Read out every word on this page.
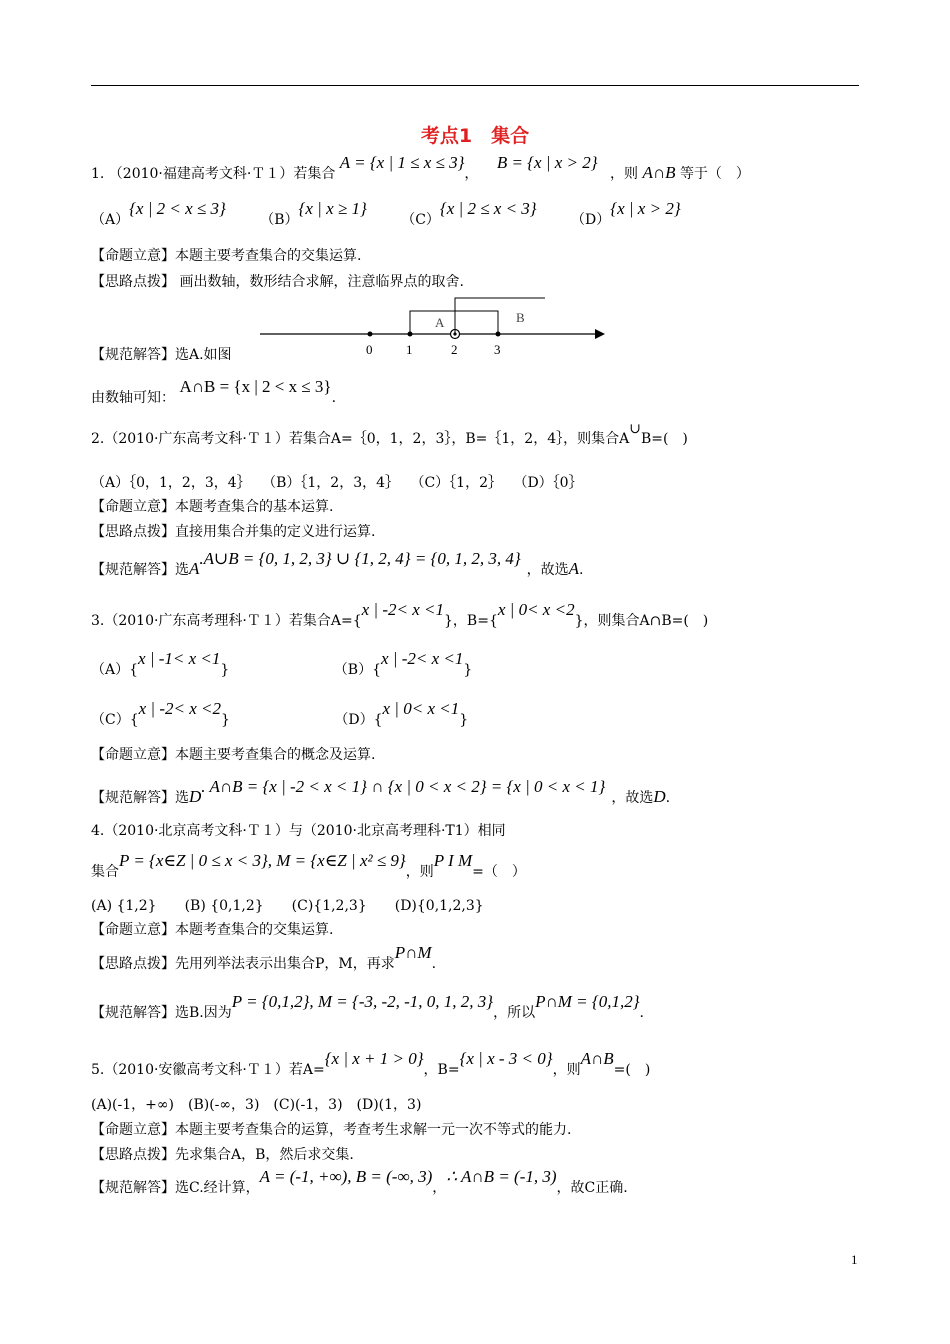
考点1　集合
1. （2010·福建高考文科·Ｔ１）若集合 A = {x | 1 ≤ x ≤ 3}， B = {x | x > 2} ，则 A∩B 等于（　）
（A）{x | 2 < x ≤ 3} （B）{x | x ≥ 1} （C）{x | 2 ≤ x < 3} （D）{x | x > 2}
【命题立意】本题主要考查集合的交集运算.
【思路点拨】 画出数轴，数形结合求解，注意临界点的取舍.
A	B
0	1	2	3
【规范解答】选A.如图
由数轴可知： A∩B = {x | 2 < x ≤ 3}.
2.（2010·广东高考文科·Ｔ１）若集合A=｛0，1，2，3｝，B=｛1，2，4｝，则集合A∪B=(　)
（A）｛0，1，2，3，4｝　 （B）｛1，2，3，4｝　 （C）｛1，2｝　 （D）｛0｝
【命题立意】本题考查集合的基本运算.
【思路点拨】直接用集合并集的定义进行运算.
【规范解答】选A.A∪B = {0, 1, 2, 3} ∪ {1, 2, 4} = {0, 1, 2, 3, 4}，故选A.
3.（2010·广东高考理科·Ｔ１）若集合A={x | -2< x <1}，B={x | 0< x <2}，则集合A∩B=(　)
（A）{x | -1< x <1}	（B）{x | -2< x <1}
（C）{x | -2< x <2}	（D）{x | 0< x <1}
【命题立意】本题主要考查集合的概念及运算.
【规范解答】选D. A∩B = {x | -2 < x < 1} ∩ {x | 0 < x < 2} = {x | 0 < x < 1}，故选D.
4.（2010·北京高考文科·Ｔ１）与（2010·北京高考理科·T1）相同
集合P = {x∈Z | 0 ≤ x < 3}, M = {x∈Z | x² ≤ 9}，则P I M=（　）
(A) {1,2}　　(B) {0,1,2}　　(C){1,2,3}　　(D){0,1,2,3}
【命题立意】本题考查集合的交集运算.
【思路点拨】先用列举法表示出集合P，M，再求P∩M.
【规范解答】选B.因为P = {0,1,2}, M = {-3, -2, -1, 0, 1, 2, 3}，所以P∩M = {0,1,2}.
5.（2010·安徽高考文科·Ｔ１）若A={x | x + 1 > 0}，B={x | x - 3 < 0}，则A∩B=(　)
(A)(-1，+∞)　(B)(-∞，3)　(C)(-1，3)　(D)(1，3)
【命题立意】本题主要考查集合的运算，考查考生求解一元一次不等式的能力.
【思路点拨】先求集合A，B，然后求交集.
【规范解答】选C.经计算，A = (-1, +∞), B = (-∞, 3)，∴ A∩B = (-1, 3)，故C正确.
1
